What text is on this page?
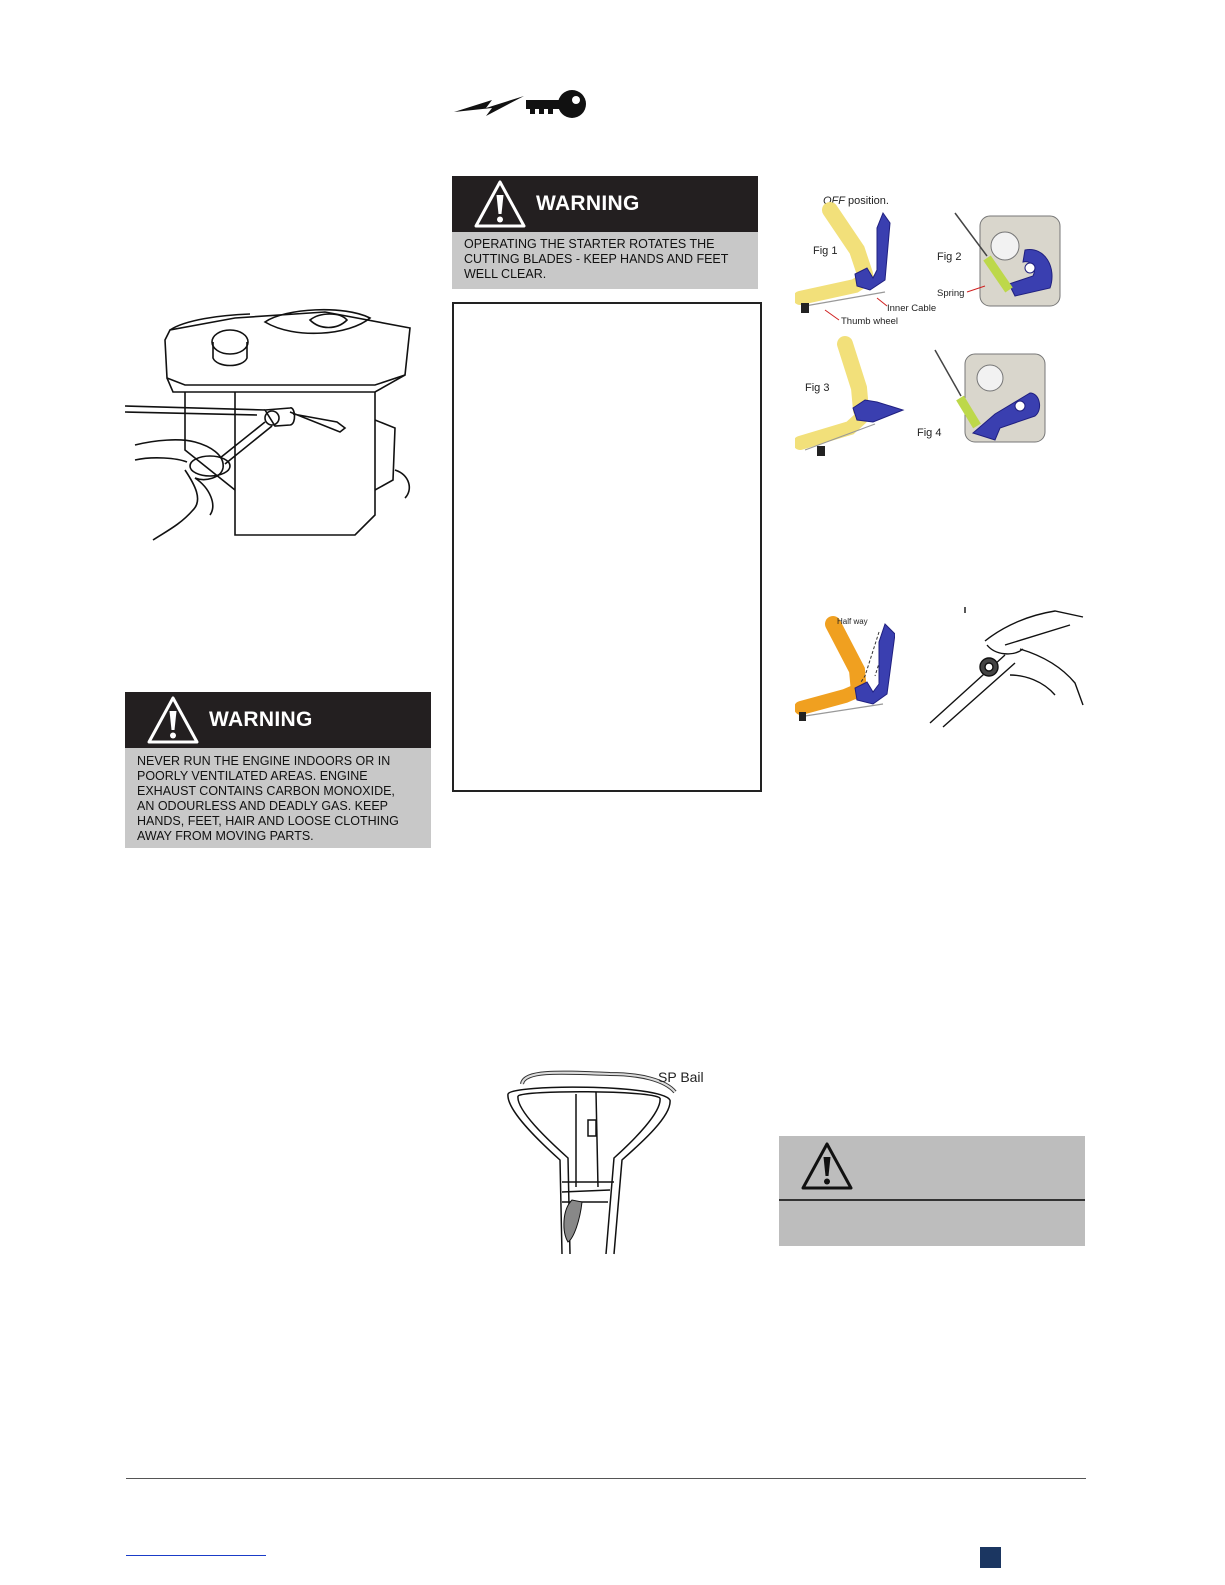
WARNING
NEVER RUN THE ENGINE INDOORS OR IN
POORLY VENTILATED AREAS. ENGINE
EXHAUST CONTAINS CARBON MONOXIDE,
AN ODOURLESS AND DEADLY GAS. KEEP
HANDS, FEET, HAIR AND LOOSE CLOTHING
AWAY FROM MOVING PARTS.
WARNING
OPERATING THE STARTER ROTATES THE
CUTTING BLADES - KEEP HANDS AND FEET
WELL CLEAR.
OFF position.
Fig 1
Inner Cable
Thumb wheel
Fig 2
Spring
Fig 3
Fig 4
Half way
SP Bail
